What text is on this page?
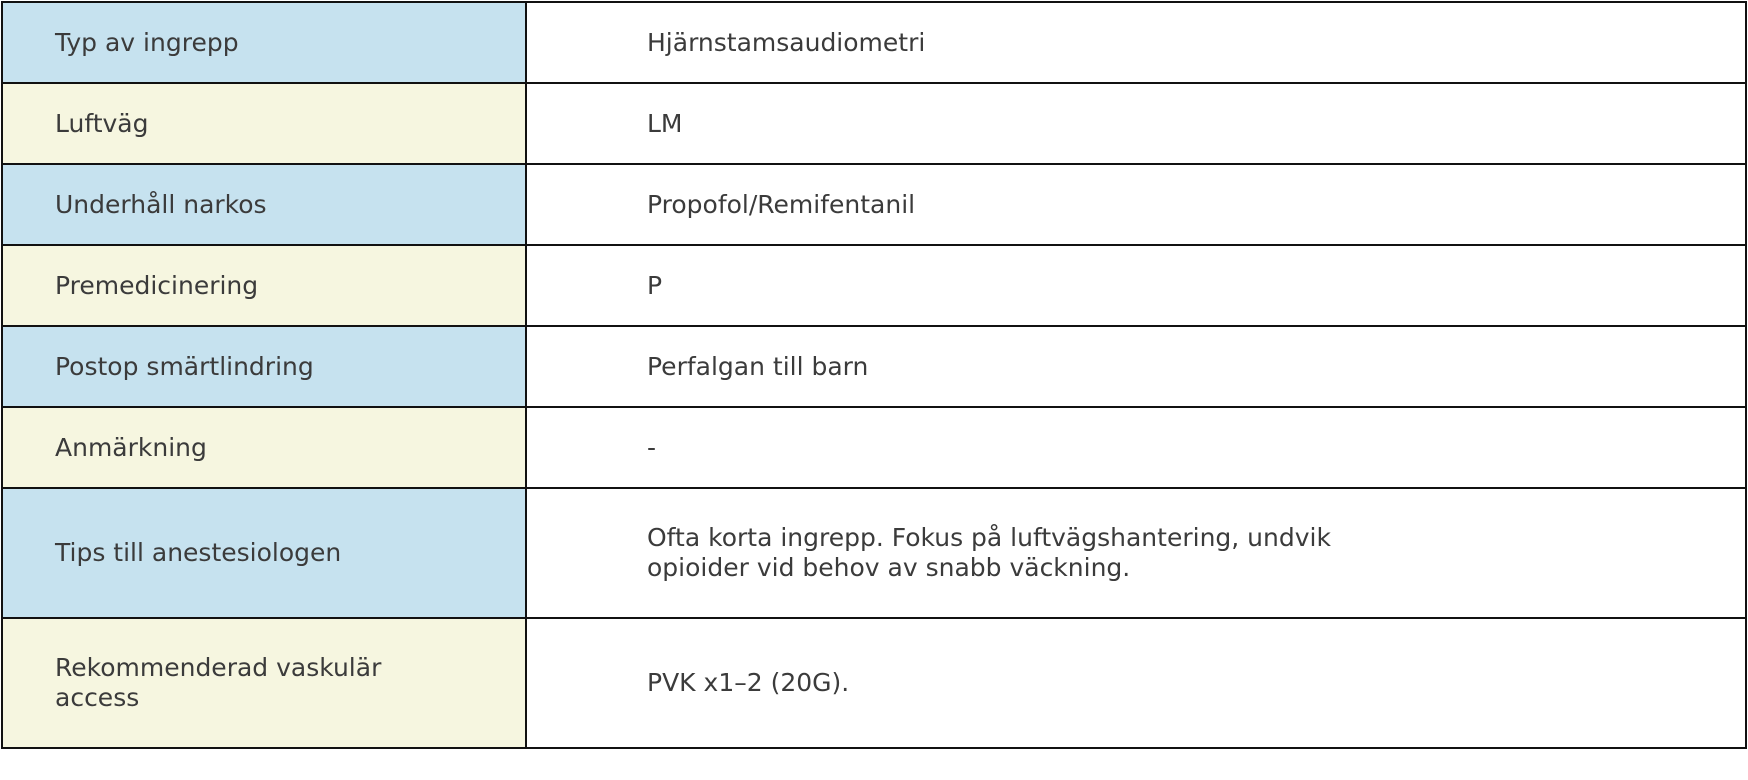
Typ av ingrepp	Hjärnstamsaudiometri

Luftväg	LM

Underhåll narkos	Propofol/Remifentanil

Premedicinering	P

Postop smärtlindring	Perfalgan till barn

Anmärkning	-

Tips till anestesiologen	Ofta korta ingrepp. Fokus på luftvägshantering, undvik opioider vid behov av snabb väckning.

Rekommenderad vaskulär access	PVK x1–2 (20G).
